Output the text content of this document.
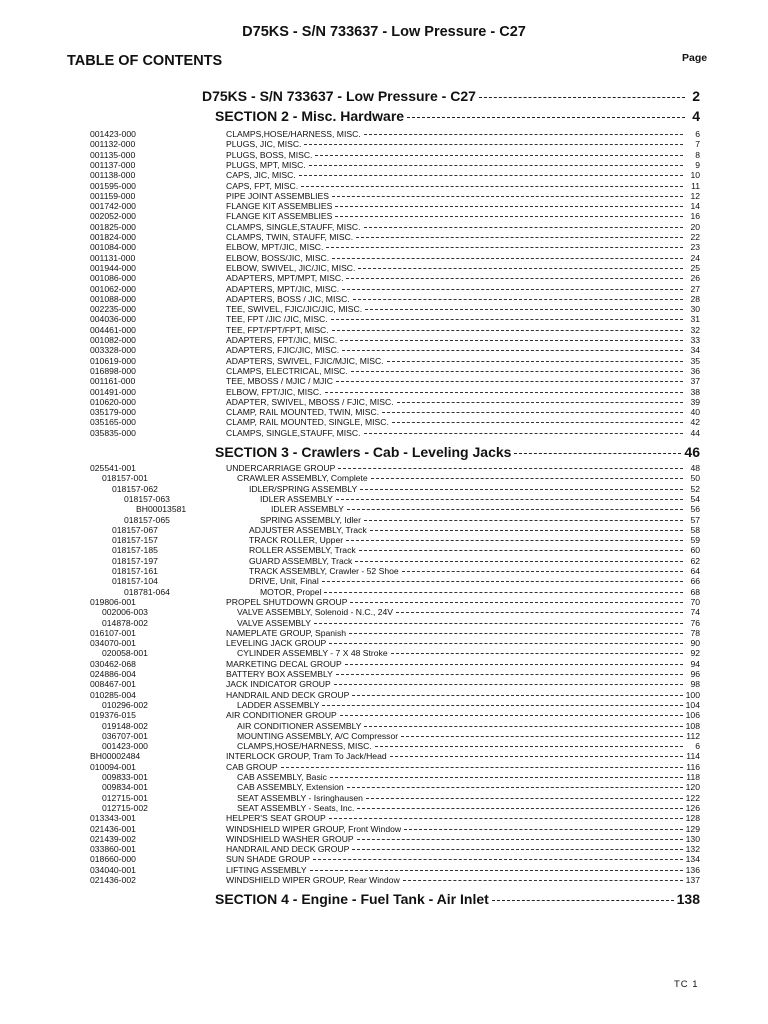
D75KS - S/N 733637 - Low Pressure - C27
TABLE OF CONTENTS	Page
D75KS - S/N 733637 - Low Pressure - C27	2
SECTION 2 - Misc. Hardware	4
001423-000	CLAMPS,HOSE/HARNESS, MISC.	6
001132-000	PLUGS, JIC, MISC.	7
001135-000	PLUGS, BOSS, MISC.	8
001137-000	PLUGS, MPT, MISC.	9
001138-000	CAPS, JIC, MISC.	10
001595-000	CAPS, FPT, MISC.	11
001159-000	PIPE JOINT ASSEMBLIES	12
001742-000	FLANGE KIT ASSEMBLIES	14
002052-000	FLANGE KIT ASSEMBLIES	16
001825-000	CLAMPS, SINGLE,STAUFF, MISC.	20
001824-000	CLAMPS, TWIN, STAUFF, MISC.	22
001084-000	ELBOW, MPT/JIC, MISC.	23
001131-000	ELBOW, BOSS/JIC, MISC.	24
001944-000	ELBOW, SWIVEL, JIC/JIC, MISC.	25
001086-000	ADAPTERS, MPT/MPT, MISC.	26
001062-000	ADAPTERS, MPT/JIC, MISC.	27
001088-000	ADAPTERS, BOSS / JIC, MISC.	28
002235-000	TEE, SWIVEL, FJIC/JIC/JIC, MISC.	30
004036-000	TEE, FPT /JIC /JIC, MISC.	31
004461-000	TEE, FPT/FPT/FPT, MISC.	32
001082-000	ADAPTERS, FPT/JIC, MISC.	33
003328-000	ADAPTERS, FJIC/JIC, MISC.	34
010619-000	ADAPTERS, SWIVEL, FJIC/MJIC, MISC.	35
016898-000	CLAMPS, ELECTRICAL, MISC.	36
001161-000	TEE, MBOSS / MJIC / MJIC	37
001491-000	ELBOW, FPT/JIC, MISC.	38
010620-000	ADAPTER, SWIVEL, MBOSS / FJIC, MISC.	39
035179-000	CLAMP, RAIL MOUNTED, TWIN, MISC.	40
035165-000	CLAMP, RAIL MOUNTED, SINGLE, MISC.	42
035835-000	CLAMPS, SINGLE,STAUFF, MISC.	44
SECTION 3 - Crawlers - Cab - Leveling Jacks	46
025541-001	UNDERCARRIAGE GROUP	48
018157-001	CRAWLER ASSEMBLY, Complete	50
018157-062	IDLER/SPRING ASSEMBLY	52
018157-063	IDLER ASSEMBLY	54
BH00013581	IDLER ASSEMBLY	56
018157-065	SPRING ASSEMBLY, Idler	57
018157-067	ADJUSTER ASSEMBLY, Track	58
018157-157	TRACK ROLLER, Upper	59
018157-185	ROLLER ASSEMBLY, Track	60
018157-197	GUARD ASSEMBLY, Track	62
018157-161	TRACK ASSEMBLY, Crawler - 52 Shoe	64
018157-104	DRIVE, Unit, Final	66
018781-064	MOTOR, Propel	68
019806-001	PROPEL SHUTDOWN GROUP	70
002006-003	VALVE ASSEMBLY, Solenoid - N.C., 24V	74
014878-002	VALVE ASSEMBLY	76
016107-001	NAMEPLATE GROUP, Spanish	78
034070-001	LEVELING JACK GROUP	90
020058-001	CYLINDER ASSEMBLY - 7 X 48 Stroke	92
030462-068	MARKETING DECAL GROUP	94
024886-004	BATTERY BOX ASSEMBLY	96
008467-001	JACK INDICATOR GROUP	98
010285-004	HANDRAIL AND DECK GROUP	100
010296-002	LADDER ASSEMBLY	104
019376-015	AIR CONDITIONER GROUP	106
019148-002	AIR CONDITIONER ASSEMBLY	108
036707-001	MOUNTING ASSEMBLY, A/C Compressor	112
001423-000	CLAMPS,HOSE/HARNESS, MISC.	6
BH00002484	INTERLOCK GROUP, Tram To Jack/Head	114
010094-001	CAB GROUP	116
009833-001	CAB ASSEMBLY, Basic	118
009834-001	CAB ASSEMBLY, Extension	120
012715-001	SEAT ASSEMBLY - Isringhausen	122
012715-002	SEAT ASSEMBLY - Seats, Inc.	126
013343-001	HELPER'S SEAT GROUP	128
021436-001	WINDSHIELD WIPER GROUP, Front Window	129
021439-002	WINDSHIELD WASHER GROUP	130
033860-001	HANDRAIL AND DECK GROUP	132
018660-000	SUN SHADE GROUP	134
034040-001	LIFTING ASSEMBLY	136
021436-002	WINDSHIELD WIPER GROUP, Rear Window	137
SECTION 4 - Engine - Fuel Tank - Air Inlet	138
TC 1
